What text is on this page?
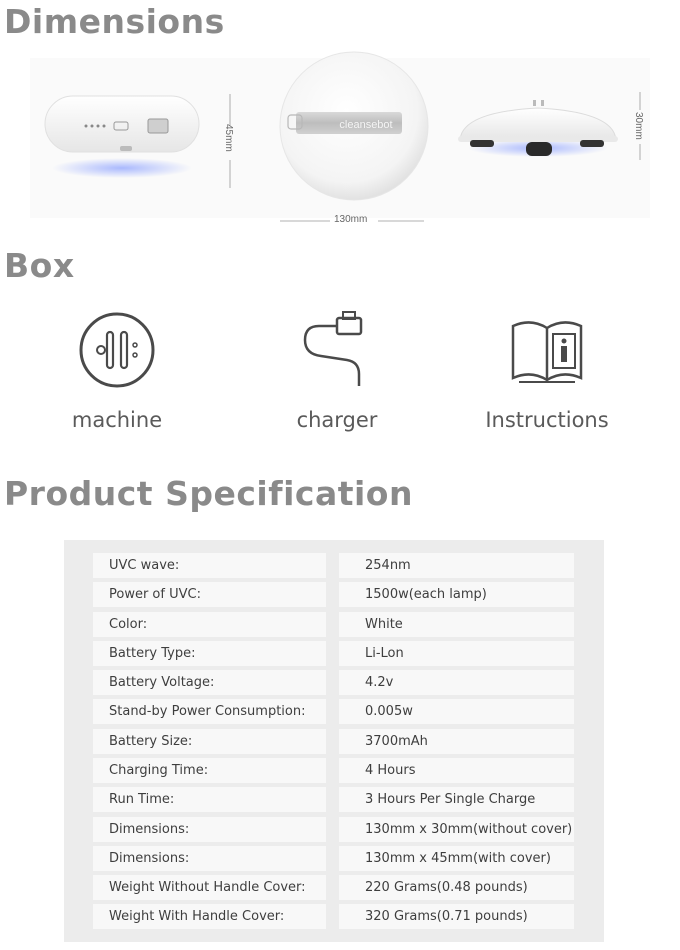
Dimensions
cleansebot
45mm
130mm
30mm
Box
machine	charger	Instructions
Product Specification
UVC wave:	254nm
Power of UVC:	1500w(each lamp)
Color:	White
Battery Type:	Li-Lon
Battery Voltage:	4.2v
Stand-by Power Consumption:	0.005w
Battery Size:	3700mAh
Charging Time:	4 Hours
Run Time:	3 Hours Per Single Charge
Dimensions:	130mm x 30mm(without cover)
Dimensions:	130mm x 45mm(with cover)
Weight Without Handle Cover:	220 Grams(0.48 pounds)
Weight With Handle Cover:	320 Grams(0.71 pounds)
